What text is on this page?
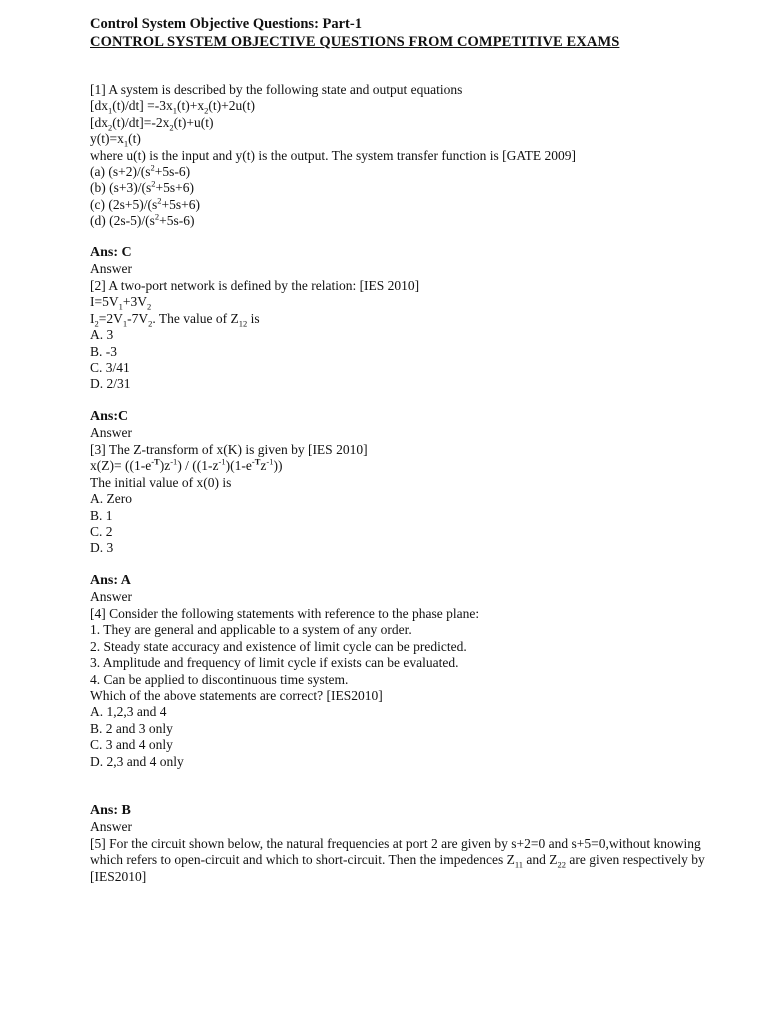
Control System Objective Questions: Part-1
CONTROL SYSTEM OBJECTIVE QUESTIONS FROM COMPETITIVE EXAMS
[1] A system is described by the following state and output equations
$[dx_1(t)/dt] =-3x_1(t)+x_2(t)+2u(t)$
$[dx_2(t)/dt]=-2x_2(t)+u(t)$
$y(t)=x_1(t)$
where u(t) is the input and y(t) is the output. The system transfer function is [GATE 2009]
(a) $(s+2)/(s^2+5s-6)$
(b) $(s+3)/(s^2+5s+6)$
(c) $(2s+5)/(s^2+5s+6)$
(d) $(2s-5)/(s^2+5s-6)$
Ans: C
Answer
[2] A two-port network is defined by the relation: [IES 2010]
$I=5V_1+3V_2$
$I_2=2V_1-7V_2$. The value of $Z_{12}$ is
A. 3
B. -3
C. 3/41
D. 2/31
Ans:C
Answer
[3] The Z-transform of x(K) is given by [IES 2010]
$x(Z)= ((1-e^{-T})z^{-1}) / ((1-z^{-1})(1-e^{-T}z^{-1}))$
The initial value of x(0) is
A. Zero
B. 1
C. 2
D. 3
Ans: A
Answer
[4] Consider the following statements with reference to the phase plane:
1. They are general and applicable to a system of any order.
2. Steady state accuracy and existence of limit cycle can be predicted.
3. Amplitude and frequency of limit cycle if exists can be evaluated.
4. Can be applied to discontinuous time system.
Which of the above statements are correct? [IES2010]
A. 1,2,3 and 4
B. 2 and 3 only
C. 3 and 4 only
D. 2,3 and 4 only
Ans: B
Answer
[5] For the circuit shown below, the natural frequencies at port 2 are given by s+2=0 and s+5=0,without knowing which refers to open-circuit and which to short-circuit. Then the impedences $Z_{11}$ and $Z_{22}$ are given respectively by [IES2010]
